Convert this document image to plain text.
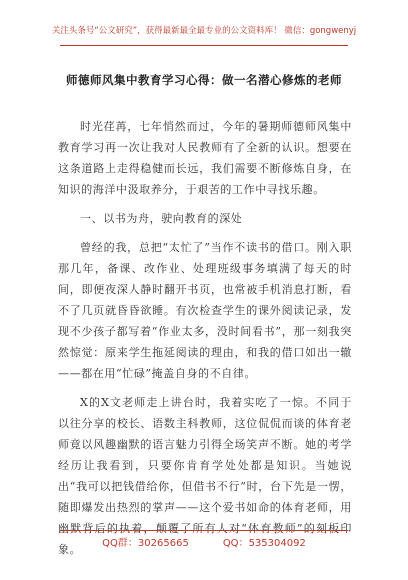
关注头条号“公文研究”，获得最新最全最专业的公文资料库！ 微信：gongwenyj
师德师风集中教育学习心得：做一名潜心修炼的老师

时光荏苒，七年悄然而过，今年的暑期师德师风集中教育学习再一次让我对人民教师有了全新的认识。想要在这条道路上走得稳健而长远，我们需要不断修炼自身，在知识的海洋中汲取养分，于艰苦的工作中寻找乐趣。

一、以书为舟，驶向教育的深处

曾经的我，总把“太忙了”当作不读书的借口。刚入职那几年，备课、改作业、处理班级事务填满了每天的时间，即便夜深人静时翻开书页，也常被手机消息打断，看不了几页就昏昏欲睡。有次检查学生的课外阅读记录，发现不少孩子都写着“作业太多，没时间看书”，那一刻我突然惊觉：原来学生拖延阅读的理由，和我的借口如出一辙——都在用“忙碌”掩盖自身的不自律。

X的X文老师走上讲台时，我着实吃了一惊。不同于以往分享的校长、语数主科教师，这位侃侃而谈的体育老师竟以风趣幽默的语言魅力引得全场笑声不断。她的考学经历让我看到，只要你肯育学处处都是知识。当她说出“我可以把钱借给你，但借书不行”时，台下先是一愣，随即爆发出热烈的掌声——这个爱书如命的体育老师，用幽默背后的执着，颠覆了所有人对“体育教师”的刻板印象。	QQ群：30265665	QQ：535304092
